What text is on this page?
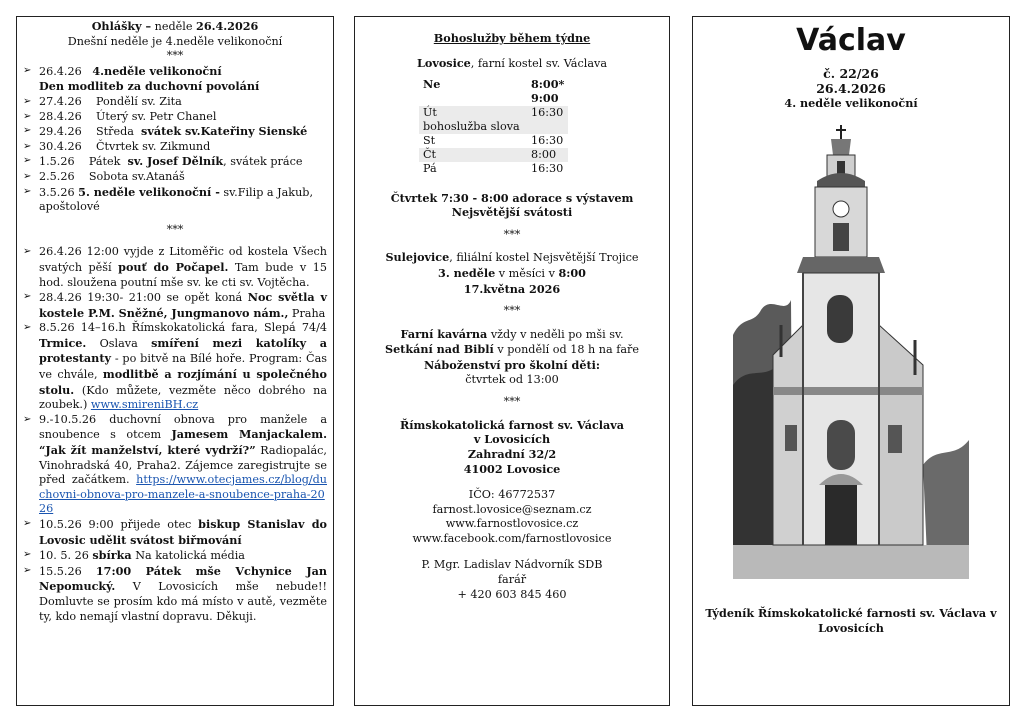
Ohlášky – neděle 26.4.2026
Dnešní neděle je 4.neděle velikonoční
***
➢ 26.4.26 4.neděle velikonoční
Den modliteb za duchovní povolání
➢ 27.4.26 Pondělí sv. Zita
➢ 28.4.26 Úterý sv. Petr Chanel
➢ 29.4.26 Středa svátek sv.Kateřiny Sienské
➢ 30.4.26 Čtvrtek sv. Zikmund
➢ 1.5.26 Pátek sv. Josef Dělník, svátek práce
➢ 2.5.26 Sobota sv.Atanáš
➢ 3.5.26 5. neděle velikonoční - sv.Filip a Jakub, apoštolové
***
➢ 26.4.26 12:00 vyjde z Litoměřic od kostela Všech svatých pěší pouť do Počapel. Tam bude v 15 hod. sloužena poutní mše sv. ke cti sv. Vojtěcha.
➢ 28.4.26 19:30- 21:00 se opět koná Noc světla v kostele P.M. Sněžné, Jungmanovo nám., Praha
➢ 8.5.26 14–16.h Římskokatolická fara, Slepá 74/4 Trmice. Oslava smíření mezi katolíky a protestanty - po bitvě na Bílé hoře. Program: Čas ve chvále, modlitbě a rozjímání u společného stolu. (Kdo můžete, vezměte něco dobrého na zoubek.) www.smireniBH.cz
➢ 9.-10.5.26 duchovní obnova pro manžele a snoubence s otcem Jamesem Manjackalem. “Jak žít manželství, které vydrží?” Radiopalác, Vinohradská 40, Praha2. Zájemce zaregistrujte se před začátkem. https://www.otecjames.cz/blog/duchovni-obnova-pro-manzele-a-snoubence-praha-2026
➢ 10.5.26 9:00 přijede otec biskup Stanislav do Lovosic udělit svátost biřmování
➢ 10. 5. 26 sbírka Na katolická média
➢ 15.5.26 17:00 Pátek mše Vchynice Jan Nepomucký. V Lovosicích mše nebude!! Domluvte se prosím kdo má místo v autě, vezměte ty, kdo nemají vlastní dopravu. Děkuji.
Bohoslužby během týdne
Lovosice, farní kostel sv. Václava
Ne	8:00*
	9:00
Út	16:30
bohoslužba slova	
St	16:30
Čt	8:00
Pá	16:30
Čtvrtek 7:30 - 8:00 adorace s výstavem Nejsvětější svátosti
***
Sulejovice, filiální kostel Nejsvětější Trojice
3. neděle v měsíci v 8:00
17.května 2026
***
Farní kavárna vždy v neděli po mši sv.
Setkání nad Biblí v pondělí od 18 h na faře
Náboženství pro školní děti:
čtvrtek od 13:00
***
Římskokatolická farnost sv. Václava
v Lovosicích
Zahradní 32/2
41002 Lovosice
IČO: 46772537
farnost.lovosice@seznam.cz
www.farnostlovosice.cz
www.facebook.com/farnostlovosice
P. Mgr. Ladislav Nádvorník SDB
farář
+ 420 603 845 460
Václav
č. 22/26
26.4.2026
4. neděle velikonoční
Týdeník Římskokatolické farnosti sv. Václava v Lovosicích
